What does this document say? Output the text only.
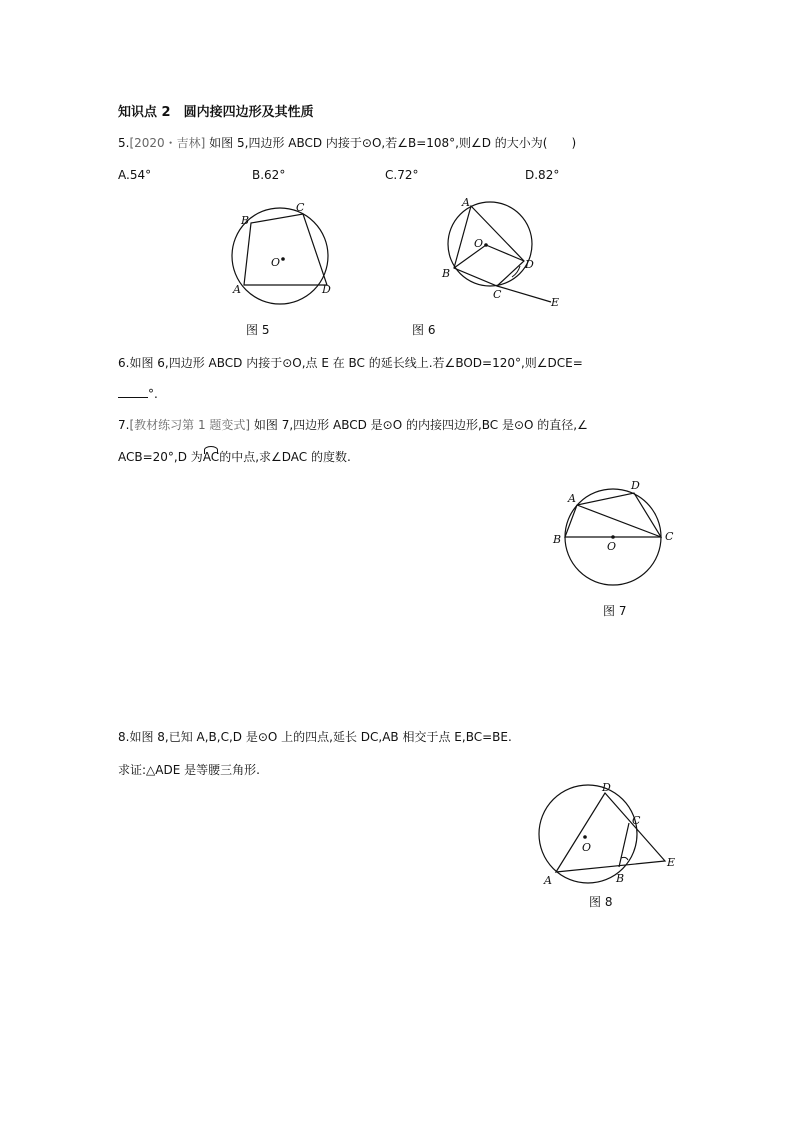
知识点 2　圆内接四边形及其性质
5.[2020・吉林] 如图 5,四边形 ABCD 内接于⊙O,若∠B=108°,则∠D 的大小为(　　)
A.54°	B.62°	C.72°	D.82°
B
C
A	D
O
图 5
A
O
B
D
C
E
图 6
6.如图 6,四边形 ABCD 内接于⊙O,点 E 在 BC 的延长线上.若∠BOD=120°,则∠DCE=
°.
7.[教材练习第 1 题变式] 如图 7,四边形 ABCD 是⊙O 的内接四边形,BC 是⊙O 的直径,∠
ACB=20°,D 为AC的中点,求∠DAC 的度数.
A
D
B	C
O
图 7
8.如图 8,已知 A,B,C,D 是⊙O 上的四点,延长 DC,AB 相交于点 E,BC=BE.
求证:△ADE 是等腰三角形.
D
C
O
E
A	B
图 8
